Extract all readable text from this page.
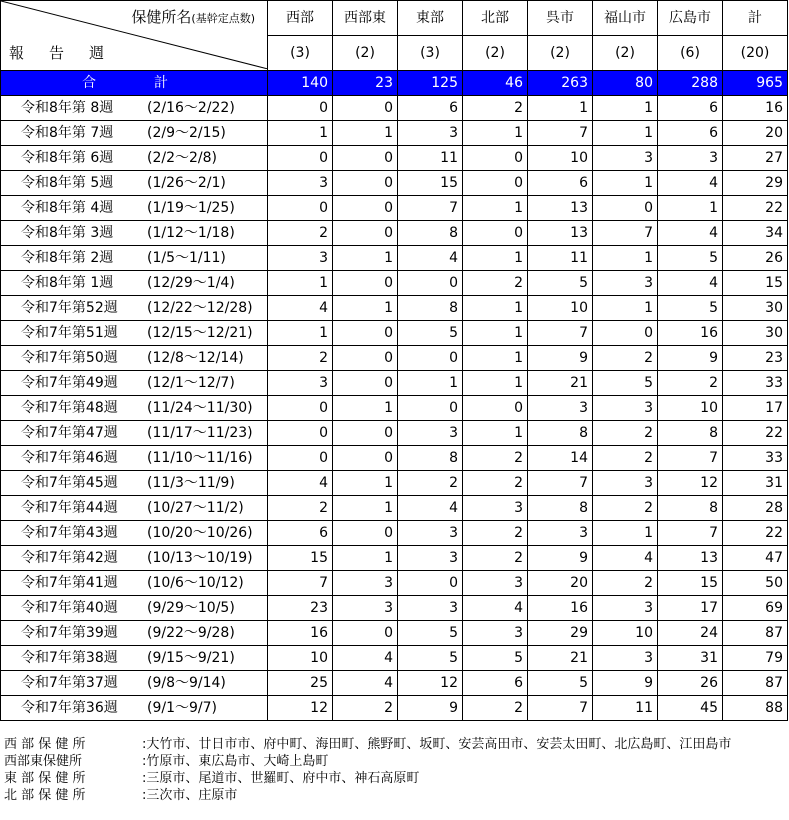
保健所名(基幹定点数)
報告週	西部	西部東	東部	北部	呉市	福山市	広島市	計
	(3)	(2)	(3)	(2)	(2)	(2)	(6)	(20)
合計	140	23	125	46	263	80	288	965
令和8年第 8週 (2/16～2/22)	0	0	6	2	1	1	6	16
令和8年第 7週 (2/9～2/15)	1	1	3	1	7	1	6	20
令和8年第 6週 (2/2～2/8)	0	0	11	0	10	3	3	27
令和8年第 5週 (1/26～2/1)	3	0	15	0	6	1	4	29
令和8年第 4週 (1/19～1/25)	0	0	7	1	13	0	1	22
令和8年第 3週 (1/12～1/18)	2	0	8	0	13	7	4	34
令和8年第 2週 (1/5～1/11)	3	1	4	1	11	1	5	26
令和8年第 1週 (12/29～1/4)	1	0	0	2	5	3	4	15
令和7年第52週 (12/22～12/28)	4	1	8	1	10	1	5	30
令和7年第51週 (12/15～12/21)	1	0	5	1	7	0	16	30
令和7年第50週 (12/8～12/14)	2	0	0	1	9	2	9	23
令和7年第49週 (12/1～12/7)	3	0	1	1	21	5	2	33
令和7年第48週 (11/24～11/30)	0	1	0	0	3	3	10	17
令和7年第47週 (11/17～11/23)	0	0	3	1	8	2	8	22
令和7年第46週 (11/10～11/16)	0	0	8	2	14	2	7	33
令和7年第45週 (11/3～11/9)	4	1	2	2	7	3	12	31
令和7年第44週 (10/27～11/2)	2	1	4	3	8	2	8	28
令和7年第43週 (10/20～10/26)	6	0	3	2	3	1	7	22
令和7年第42週 (10/13～10/19)	15	1	3	2	9	4	13	47
令和7年第41週 (10/6～10/12)	7	3	0	3	20	2	15	50
令和7年第40週 (9/29～10/5)	23	3	3	4	16	3	17	69
令和7年第39週 (9/22～9/28)	16	0	5	3	29	10	24	87
令和7年第38週 (9/15～9/21)	10	4	5	5	21	3	31	79
令和7年第37週 (9/8～9/14)	25	4	12	6	5	9	26	87
令和7年第36週 (9/1～9/7)	12	2	9	2	7	11	45	88
西 部 保 健 所	:大竹市、廿日市市、府中町、海田町、熊野町、坂町、安芸高田市、安芸太田町、北広島町、江田島市
西部東保健所	:竹原市、東広島市、大崎上島町
東 部 保 健 所	:三原市、尾道市、世羅町、府中市、神石高原町
北 部 保 健 所	:三次市、庄原市
